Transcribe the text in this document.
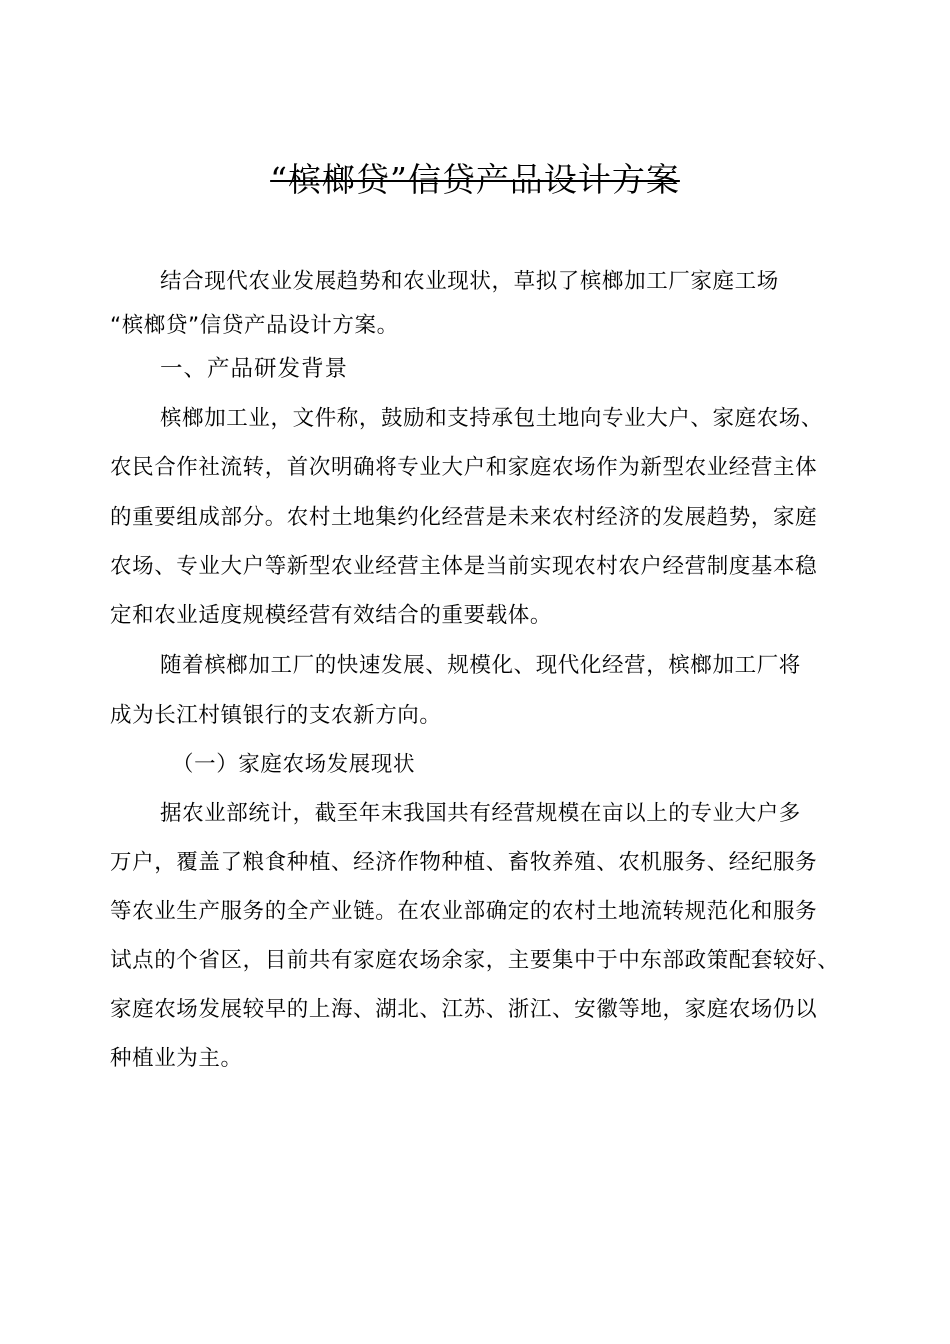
“槟榔贷”信贷产品设计方案
结合现代农业发展趋势和农业现状，草拟了槟榔加工厂家庭工场
“槟榔贷”信贷产品设计方案。
一、产品研发背景
槟榔加工业，文件称，鼓励和支持承包土地向专业大户、家庭农场、
农民合作社流转，首次明确将专业大户和家庭农场作为新型农业经营主体
的重要组成部分。农村土地集约化经营是未来农村经济的发展趋势，家庭
农场、专业大户等新型农业经营主体是当前实现农村农户经营制度基本稳
定和农业适度规模经营有效结合的重要载体。
随着槟榔加工厂的快速发展、规模化、现代化经营，槟榔加工厂将
成为长江村镇银行的支农新方向。
（一）家庭农场发展现状
据农业部统计，截至年末我国共有经营规模在亩以上的专业大户多
万户，覆盖了粮食种植、经济作物种植、畜牧养殖、农机服务、经纪服务
等农业生产服务的全产业链。在农业部确定的农村土地流转规范化和服务
试点的个省区，目前共有家庭农场余家，主要集中于中东部政策配套较好、
家庭农场发展较早的上海、湖北、江苏、浙江、安徽等地，家庭农场仍以
种植业为主。
